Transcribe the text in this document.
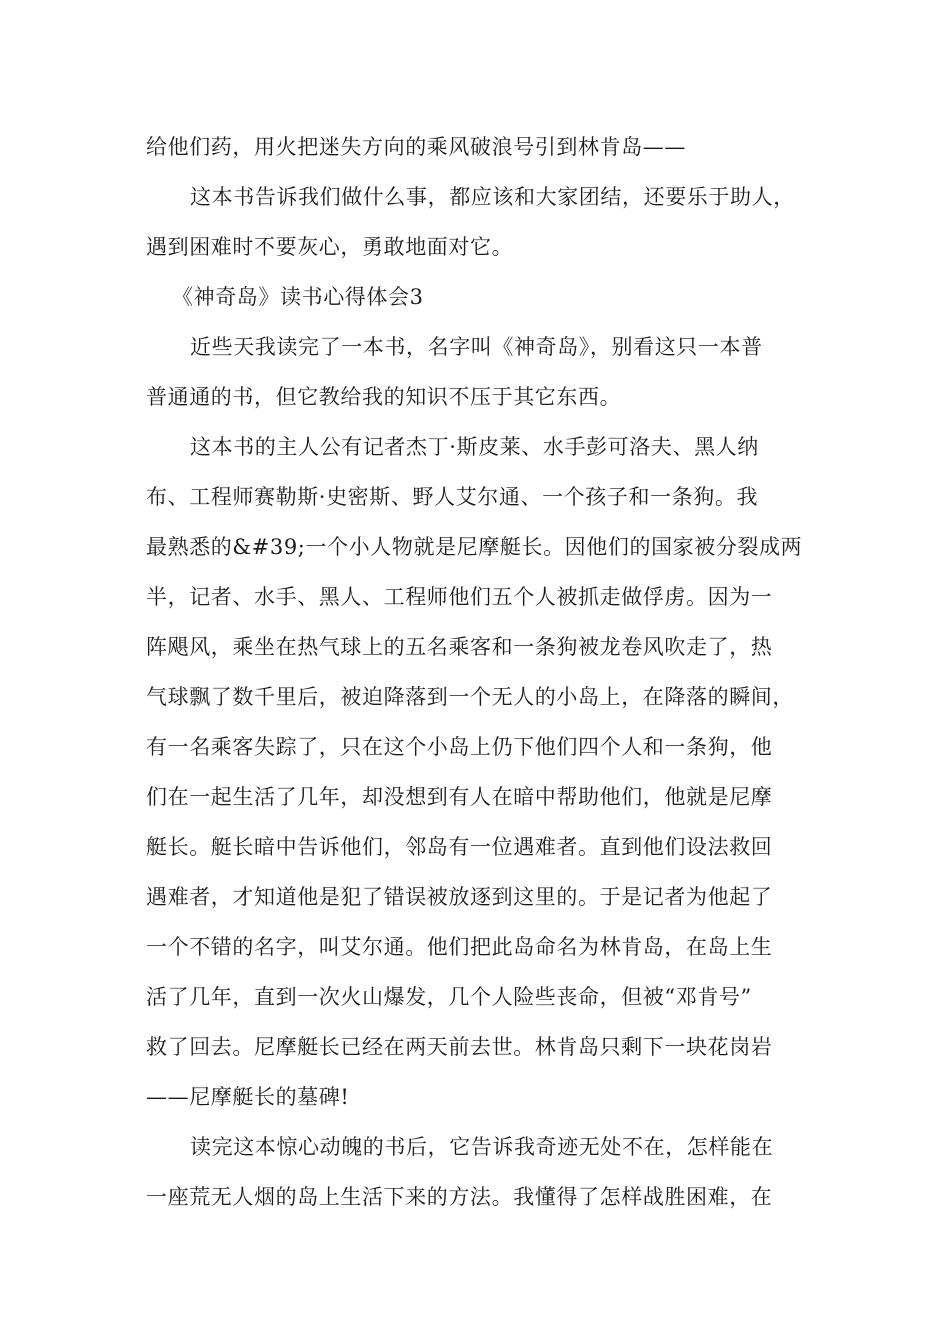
给他们药，用火把迷失方向的乘风破浪号引到林肯岛——
这本书告诉我们做什么事，都应该和大家团结，还要乐于助人，
遇到困难时不要灰心，勇敢地面对它。
《神奇岛》读书心得体会3
近些天我读完了一本书，名字叫《神奇岛》，别看这只一本普
普通通的书，但它教给我的知识不压于其它东西。
这本书的主人公有记者杰丁·斯皮莱、水手彭可洛夫、黑人纳
布、工程师赛勒斯·史密斯、野人艾尔通、一个孩子和一条狗。我
最熟悉的&#39;一个小人物就是尼摩艇长。因他们的国家被分裂成两
半，记者、水手、黑人、工程师他们五个人被抓走做俘虏。因为一
阵飓风，乘坐在热气球上的五名乘客和一条狗被龙卷风吹走了，热
气球飘了数千里后，被迫降落到一个无人的小岛上，在降落的瞬间，
有一名乘客失踪了，只在这个小岛上仍下他们四个人和一条狗，他
们在一起生活了几年，却没想到有人在暗中帮助他们，他就是尼摩
艇长。艇长暗中告诉他们，邻岛有一位遇难者。直到他们设法救回
遇难者，才知道他是犯了错误被放逐到这里的。于是记者为他起了
一个不错的名字，叫艾尔通。他们把此岛命名为林肯岛，在岛上生
活了几年，直到一次火山爆发，几个人险些丧命，但被“邓肯号”
救了回去。尼摩艇长已经在两天前去世。林肯岛只剩下一块花岗岩
——尼摩艇长的墓碑!
读完这本惊心动魄的书后，它告诉我奇迹无处不在，怎样能在
一座荒无人烟的岛上生活下来的方法。我懂得了怎样战胜困难，在
